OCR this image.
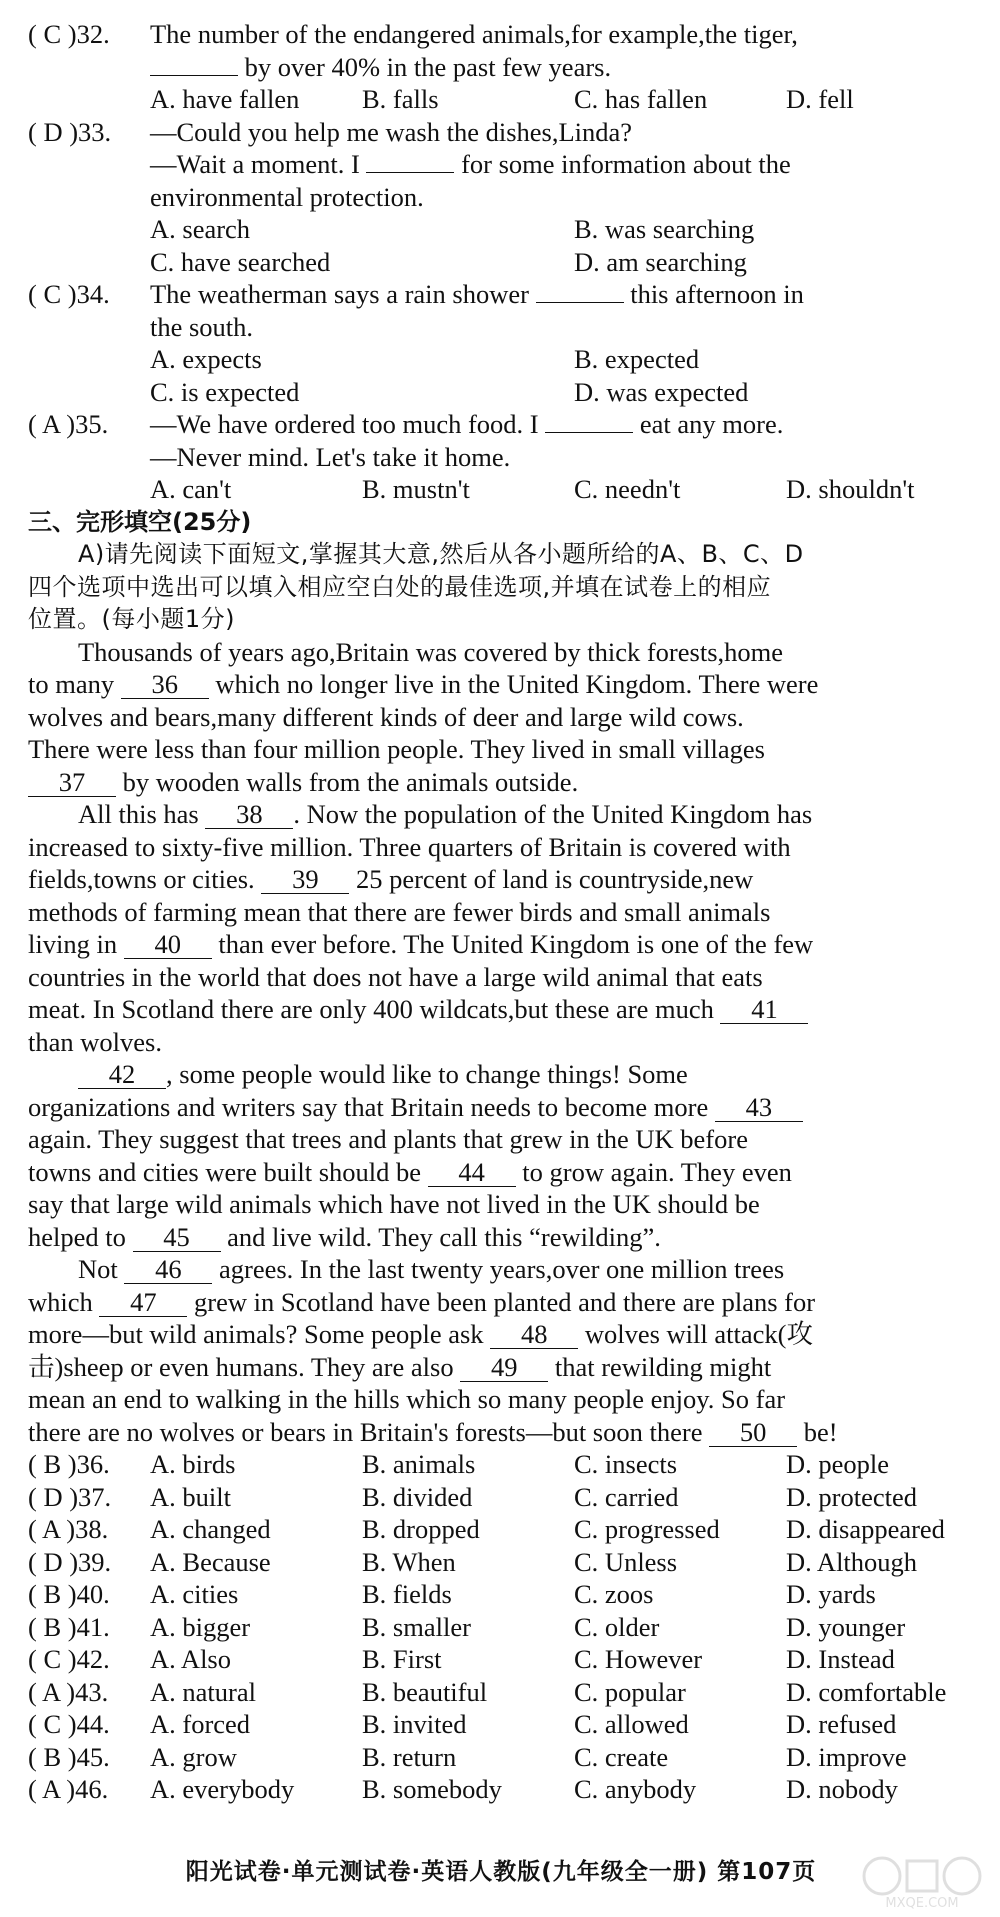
( C )32. The number of the endangered animals,for example,the tiger,
by over 40% in the past few years.
A. have fallen	B. falls	C. has fallen	D. fell
( D )33. —Could you help me wash the dishes,Linda?
—Wait a moment. I	for some information about the
environmental protection.
A. search	B. was searching
C. have searched	D. am searching
( C )34. The weatherman says a rain shower	this afternoon in
the south.
A. expects	B. expected
C. is expected	D. was expected
( A )35. —We have ordered too much food. I	eat any more.
—Never mind. Let's take it home.
A. can't	B. mustn't	C. needn't	D. shouldn't
三、完形填空(25分)
A)请先阅读下面短文,掌握其大意,然后从各小题所给的A、B、C、D
四个选项中选出可以填入相应空白处的最佳选项,并填在试卷上的相应
位置。(每小题1分)
Thousands of years ago,Britain was covered by thick forests,home
to many 36 which no longer live in the United Kingdom. There were
wolves and bears,many different kinds of deer and large wild cows.
There were less than four million people. They lived in small villages
37 by wooden walls from the animals outside.
All this has 38 . Now the population of the United Kingdom has
increased to sixty-five million. Three quarters of Britain is covered with
fields,towns or cities. 39 25 percent of land is countryside,new
methods of farming mean that there are fewer birds and small animals
living in 40 than ever before. The United Kingdom is one of the few
countries in the world that does not have a large wild animal that eats
meat. In Scotland there are only 400 wildcats,but these are much 41
than wolves.
42 , some people would like to change things! Some
organizations and writers say that Britain needs to become more 43
again. They suggest that trees and plants that grew in the UK before
towns and cities were built should be 44 to grow again. They even
say that large wild animals which have not lived in the UK should be
helped to 45 and live wild. They call this “rewilding”.
Not 46 agrees. In the last twenty years,over one million trees
which 47 grew in Scotland have been planted and there are plans for
more—but wild animals? Some people ask 48 wolves will attack(攻
击)sheep or even humans. They are also 49 that rewilding might
mean an end to walking in the hills which so many people enjoy. So far
there are no wolves or bears in Britain's forests—but soon there 50 be!
( B )36.	A. birds	B. animals	C. insects	D. people
( D )37.	A. built	B. divided	C. carried	D. protected
( A )38.	A. changed	B. dropped	C. progressed	D. disappeared
( D )39.	A. Because	B. When	C. Unless	D. Although
( B )40.	A. cities	B. fields	C. zoos	D. yards
( B )41.	A. bigger	B. smaller	C. older	D. younger
( C )42.	A. Also	B. First	C. However	D. Instead
( A )43.	A. natural	B. beautiful	C. popular	D. comfortable
( C )44.	A. forced	B. invited	C. allowed	D. refused
( B )45.	A. grow	B. return	C. create	D. improve
( A )46.	A. everybody	B. somebody	C. anybody	D. nobody
阳光试卷·单元测试卷·英语人教版(九年级全一册) 第107页
MXQE.COM
